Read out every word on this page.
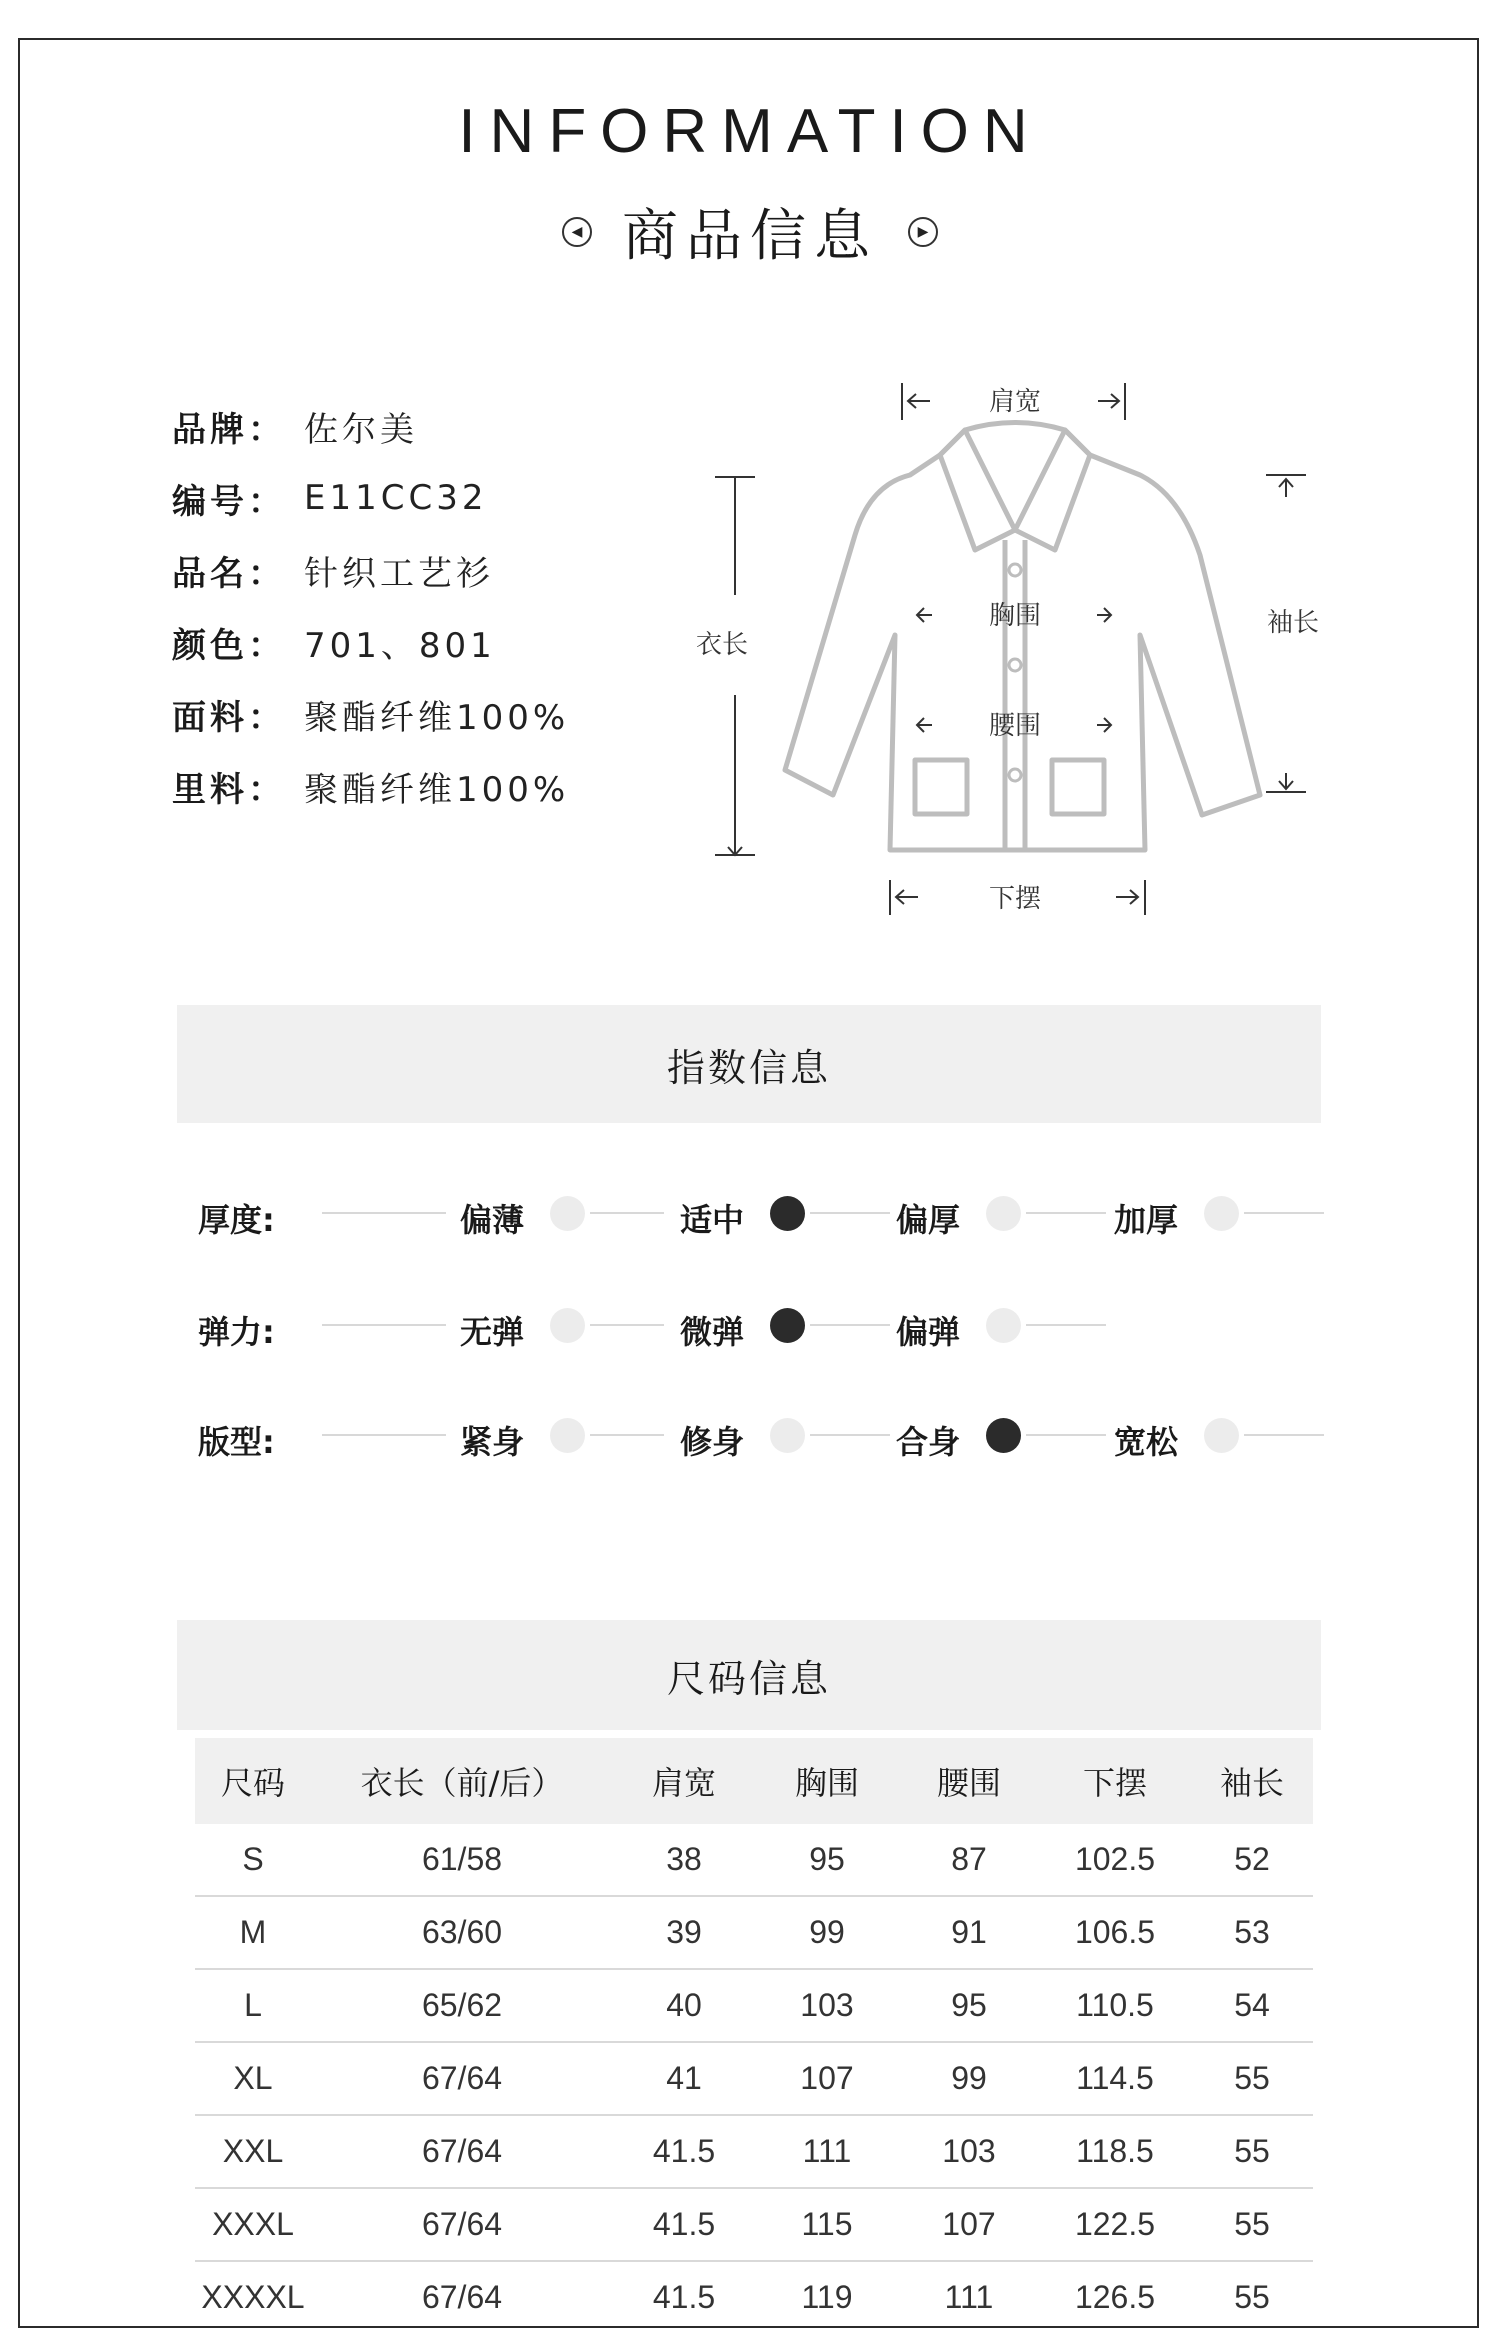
INFORMATION
◀ 商品信息	▶
品牌： 佐尔美
编号： E11CC32
品名： 针织工艺衫
颜色： 701、801
面料： 聚酯纤维100%
里料： 聚酯纤维100%
肩宽
衣长
胸围
腰围
下摆
袖长
指数信息
厚度:	偏薄	适中	偏厚	加厚
弹力:	无弹	微弹	偏弹
版型:	紧身	修身	合身	宽松
尺码信息
尺码	衣长（前/后）	肩宽	胸围	腰围	下摆	袖长
S	61/58	38	95	87	102.5	52
M	63/60	39	99	91	106.5	53
L	65/62	40	103	95	110.5	54
XL	67/64	41	107	99	114.5	55
XXL	67/64	41.5	111	103	118.5	55
XXXL	67/64	41.5	115	107	122.5	55
XXXXL	67/64	41.5	119	111	126.5	55
